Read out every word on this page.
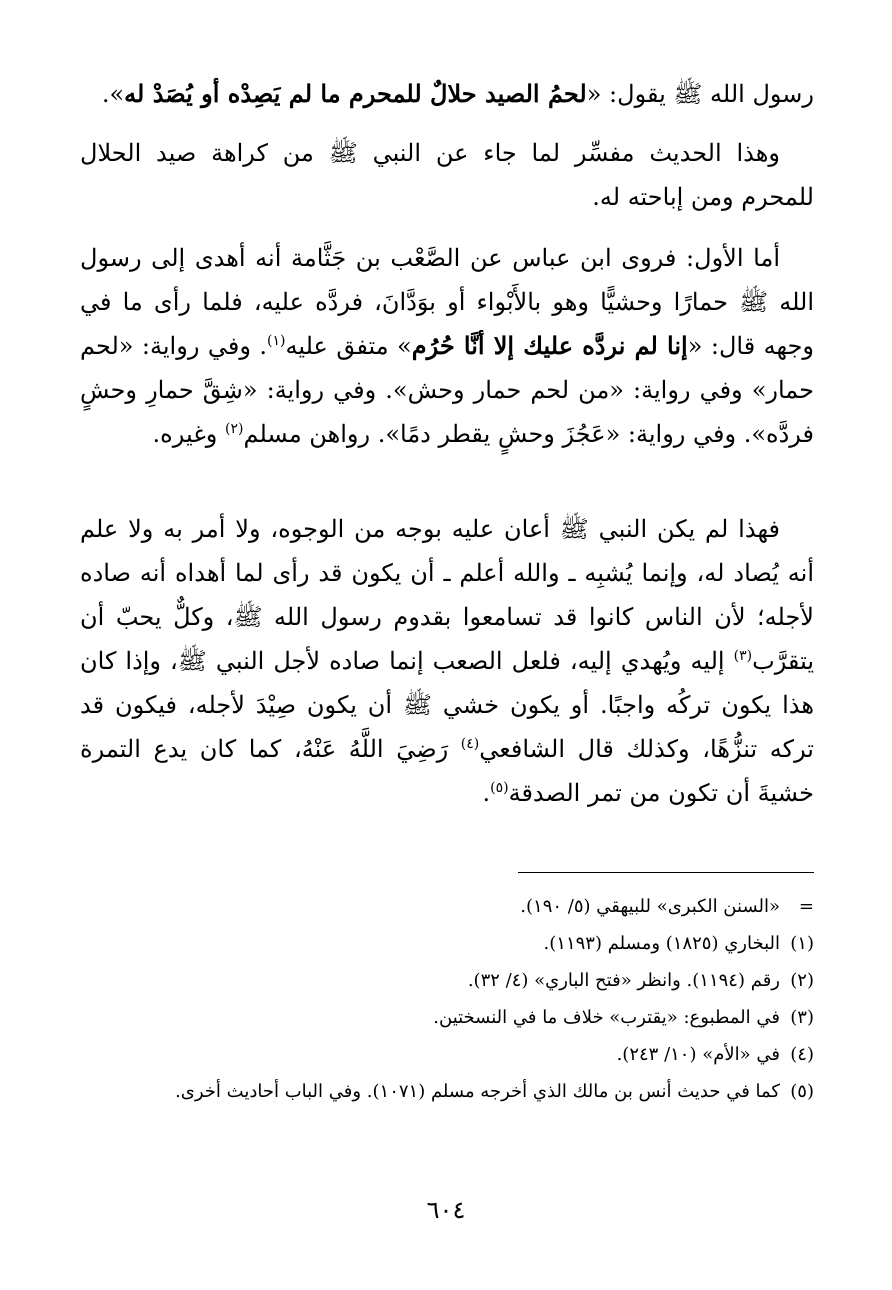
رسول الله ﷺ يقول: «لحمُ الصيد حلالٌ للمحرم ما لم يَصِدْه أو يُصَدْ له».

وهذا الحديث مفسِّر لما جاء عن النبي ﷺ من كراهة صيد الحلال للمحرم ومن إباحته له.

أما الأول: فروى ابن عباس عن الصَّعْب بن جَثَّامة أنه أهدى إلى رسول الله ﷺ حمارًا وحشيًّا وهو بالأَبْواء أو بوَدَّانَ، فردَّه عليه، فلما رأى ما في وجهه قال: «إنا لم نردَّه عليك إلا أنَّا حُرُم» متفق عليه$^{(١)}$. وفي رواية: «لحم حمار» وفي رواية: «من لحم حمار وحش». وفي رواية: «شِقَّ حمارِ وحشٍ فردَّه». وفي رواية: «عَجُزَ وحشٍ يقطر دمًا». رواهن مسلم$^{(٢)}$ وغيره.

فهذا لم يكن النبي ﷺ أعان عليه بوجه من الوجوه، ولا أمر به ولا علم أنه يُصاد له، وإنما يُشبِه ـ والله أعلم ـ أن يكون قد رأى لما أهداه أنه صاده لأجله؛ لأن الناس كانوا قد تسامعوا بقدوم رسول الله ﷺ، وكلٌّ يحبّ أن يتقرَّب$^{(٣)}$ إليه ويُهدي إليه، فلعل الصعب إنما صاده لأجل النبي ﷺ، وإذا كان هذا يكون تركُه واجبًا. أو يكون خشي ﷺ أن يكون صِيْدَ لأجله، فيكون قد تركه تنزُّهًا، وكذلك قال الشافعي$^{(٤)}$ رَضِيَ اللَّهُ عَنْهُ، كما كان يدع التمرة خشيةَ أن تكون من تمر الصدقة$^{(٥)}$.

=
«السنن الكبرى» للبيهقي (٥/ ١٩٠).
(١)
البخاري (١٨٢٥) ومسلم (١١٩٣).
(٢)
رقم (١١٩٤). وانظر «فتح الباري» (٤/ ٣٢).
(٣)
في المطبوع: «يقترب» خلاف ما في النسختين.
(٤)
في «الأم» (١٠/ ٢٤٣).
(٥)
كما في حديث أنس بن مالك الذي أخرجه مسلم (١٠٧١). وفي الباب أحاديث أخرى.
٦٠٤
